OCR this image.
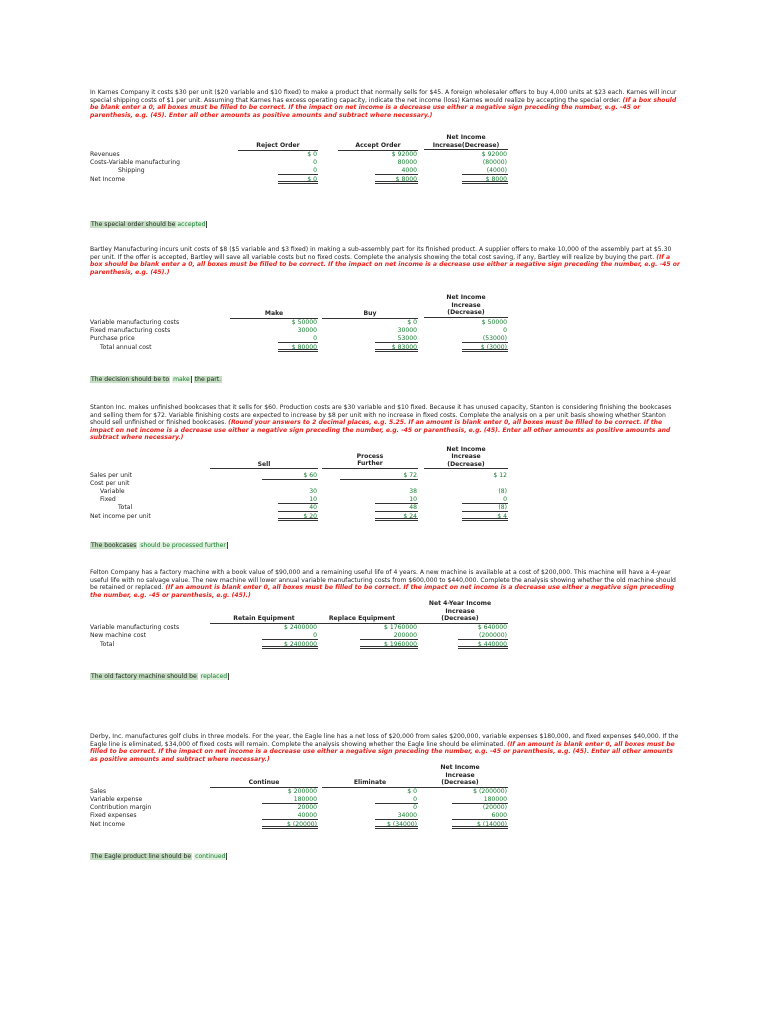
In Karnes Company it costs $30 per unit ($20 variable and $10 fixed) to make a product that normally sells for $45. A foreign wholesaler offers to buy 4,000 units at $23 each. Karnes will incur special shipping costs of $1 per unit. Assuming that Karnes has excess operating capacity, indicate the net income (loss) Karnes would realize by accepting the special order. (If a box should be blank enter a 0, all boxes must be filled to be correct. If the impact on net income is a decrease use either a negative sign preceding the number, e.g. -45 or parenthesis, e.g. (45). Enter all other amounts as positive amounts and subtract where necessary.)

Reject Order	Accept Order
Net Income
Increase(Decrease)
Revenues	$ 0	$ 92000	$ 92000
Costs-Variable manufacturing	0	80000	(80000)
Shipping	0	4000	(4000)
Net Income	$ 0	$ 8000	$ 8000
The special order should be accepted

Bartley Manufacturing incurs unit costs of $8 ($5 variable and $3 fixed) in making a sub-assembly part for its finished product. A supplier offers to make 10,000 of the assembly part at $5.30 per unit. If the offer is accepted, Bartley will save all variable costs but no fixed costs. Complete the analysis showing the total cost saving, if any, Bartley will realize by buying the part. (If a box should be blank enter a 0, all boxes must be filled to be correct. If the impact on net income is a decrease use either a negative sign preceding the number, e.g. -45 or parenthesis, e.g. (45).)

Make	Buy
Net Income
Increase
(Decrease)
Variable manufacturing costs	$ 50000	$ 0	$ 50000
Fixed manufacturing costs	30000	30000	0
Purchase price	0	53000	(53000)
Total annual cost	$ 80000	$ 83000	$ (3000)
The decision should be to make the part.

Stanton Inc. makes unfinished bookcases that it sells for $60. Production costs are $30 variable and $10 fixed. Because it has unused capacity, Stanton is considering finishing the bookcases and selling them for $72. Variable finishing costs are expected to increase by $8 per unit with no increase in fixed costs. Complete the analysis on a per unit basis showing whether Stanton should sell unfinished or finished bookcases. (Round your answers to 2 decimal places, e.g. 5.25. If an amount is blank enter 0, all boxes must be filled to be correct. If the impact on net income is a decrease use either a negative sign preceding the number, e.g. -45 or parenthesis, e.g. (45). Enter all other amounts as positive amounts and subtract where necessary.)

Sell
Process
Further
Net Income
Increase
(Decrease)
Sales per unit	$ 60	$ 72	$ 12
Cost per unit
Variable	30	38	(8)
Fixed	10	10	0
Total	40	48	(8)
Net income per unit	$ 20	$ 24	$ 4
The bookcases should be processed further

Felton Company has a factory machine with a book value of $90,000 and a remaining useful life of 4 years. A new machine is available at a cost of $200,000. This machine will have a 4-year useful life with no salvage value. The new machine will lower annual variable manufacturing costs from $600,000 to $440,000. Complete the analysis showing whether the old machine should be retained or replaced. (If an amount is blank enter 0, all boxes must be filled to be correct. If the impact on net income is a decrease use either a negative sign preceding the number, e.g. -45 or parenthesis, e.g. (45).)

Retain Equipment	Replace Equipment
Net 4-Year Income
Increase
(Decrease)
Variable manufacturing costs	$ 2400000	$ 1760000	$ 640000
New machine cost	0	200000	(200000)
Total	$ 2400000	$ 1960000	$ 440000
The old factory machine should be replaced

Derby, Inc. manufactures golf clubs in three models. For the year, the Eagle line has a net loss of $20,000 from sales $200,000, variable expenses $180,000, and fixed expenses $40,000. If the Eagle line is eliminated, $34,000 of fixed costs will remain. Complete the analysis showing whether the Eagle line should be eliminated. (If an amount is blank enter 0, all boxes must be filled to be correct. If the impact on net income is a decrease use either a negative sign preceding the number, e.g. -45 or parenthesis, e.g. (45). Enter all other amounts as positive amounts and subtract where necessary.)

Continue	Eliminate
Net Income
Increase
(Decrease)
Sales	$ 200000	$ 0	$ (200000)
Variable expense	180000	0	180000
Contribution margin	20000	0	(20000)
Fixed expenses	40000	34000	6000
Net Income	$ (20000)	$ (34000)	$ (14000)
The Eagle product line should be continued
